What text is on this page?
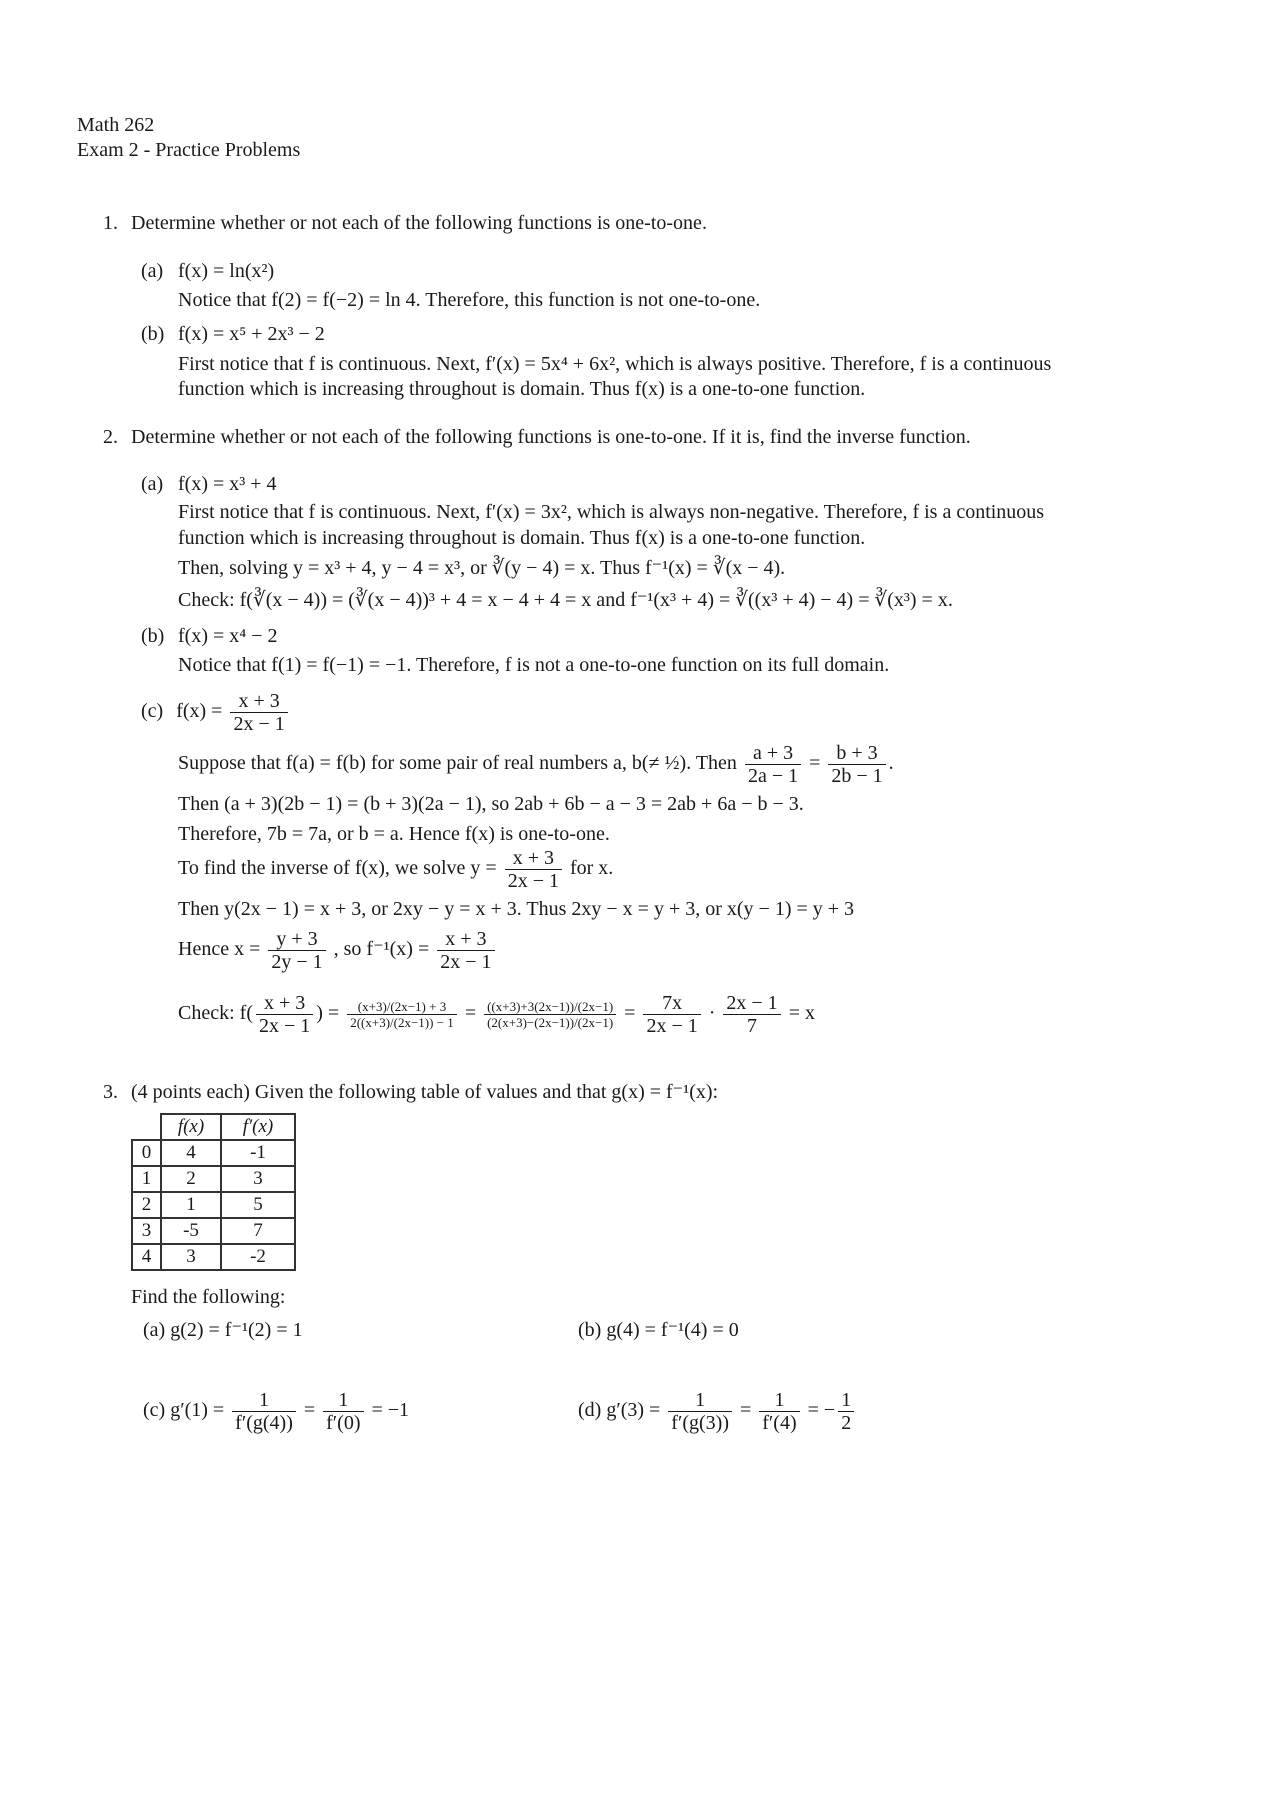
Math 262
Exam 2 - Practice Problems
1. Determine whether or not each of the following functions is one-to-one.
(a) f(x) = ln(x²)
Notice that f(2) = f(−2) = ln 4. Therefore, this function is not one-to-one.
(b) f(x) = x⁵ + 2x³ − 2
First notice that f is continuous. Next, f′(x) = 5x⁴ + 6x², which is always positive. Therefore, f is a continuous
function which is increasing throughout is domain. Thus f(x) is a one-to-one function.
2. Determine whether or not each of the following functions is one-to-one. If it is, find the inverse function.
(a) f(x) = x³ + 4
First notice that f is continuous. Next, f′(x) = 3x², which is always non-negative. Therefore, f is a continuous
function which is increasing throughout is domain. Thus f(x) is a one-to-one function.
Then, solving y = x³ + 4, y − 4 = x³, or ∛(y − 4) = x. Thus f⁻¹(x) = ∛(x − 4).
Check: f(∛(x − 4)) = (∛(x − 4))³ + 4 = x − 4 + 4 = x and f⁻¹(x³ + 4) = ∛((x³ + 4) − 4) = ∛(x³) = x.
(b) f(x) = x⁴ − 2
Notice that f(1) = f(−1) = −1. Therefore, f is not a one-to-one function on its full domain.
(c) $f(x) = \frac{x + 3}{2x - 1}$
Suppose that f(a) = f(b) for some pair of real numbers a, b(≠ ½). Then $\frac{a + 3}{2a - 1} = \frac{b + 3}{2b - 1}$ .
Then (a + 3)(2b − 1) = (b + 3)(2a − 1), so 2ab + 6b − a − 3 = 2ab + 6a − b − 3.
Therefore, 7b = 7a, or b = a. Hence f(x) is one-to-one.
To find the inverse of f(x), we solve $y = \frac{x + 3}{2x - 1}$ for x.
Then y(2x − 1) = x + 3, or 2xy − y = x + 3. Thus 2xy − x = y + 3, or x(y − 1) = y + 3
Hence $x = \frac{y + 3}{2y - 1}$ , so $f^{-1}(x) = \frac{x + 3}{2x - 1}$
Check: $f( \frac{x + 3}{2x - 1}$ ) = $\frac{(x+3)/(2x-1) + 3}{2((x+3)/(2x-1)) - 1} = \frac{((x+3)+3(2x-1))/(2x-1)}{(2(x+3)-(2x-1))/(2x-1)} = \frac{7x}{2x - 1} \cdot \frac{2x - 1}{7} = x$
3. (4 points each) Given the following table of values and that g(x) = f⁻¹(x):
	f(x)	f′(x)
0	4	-1
1	2	3
2	1	5
3	-5	7
4	3	-2
Find the following:
(a) g(2) = f⁻¹(2) = 1	(b) g(4) = f⁻¹(4) = 0
(c) $g'(1) = \frac{1}{f'(g(4))} = \frac{1}{f'(0)} = -1$	(d) $g'(3) = \frac{1}{f'(g(3))} = \frac{1}{f'(4)}$ = − $\frac{1}{2}$
